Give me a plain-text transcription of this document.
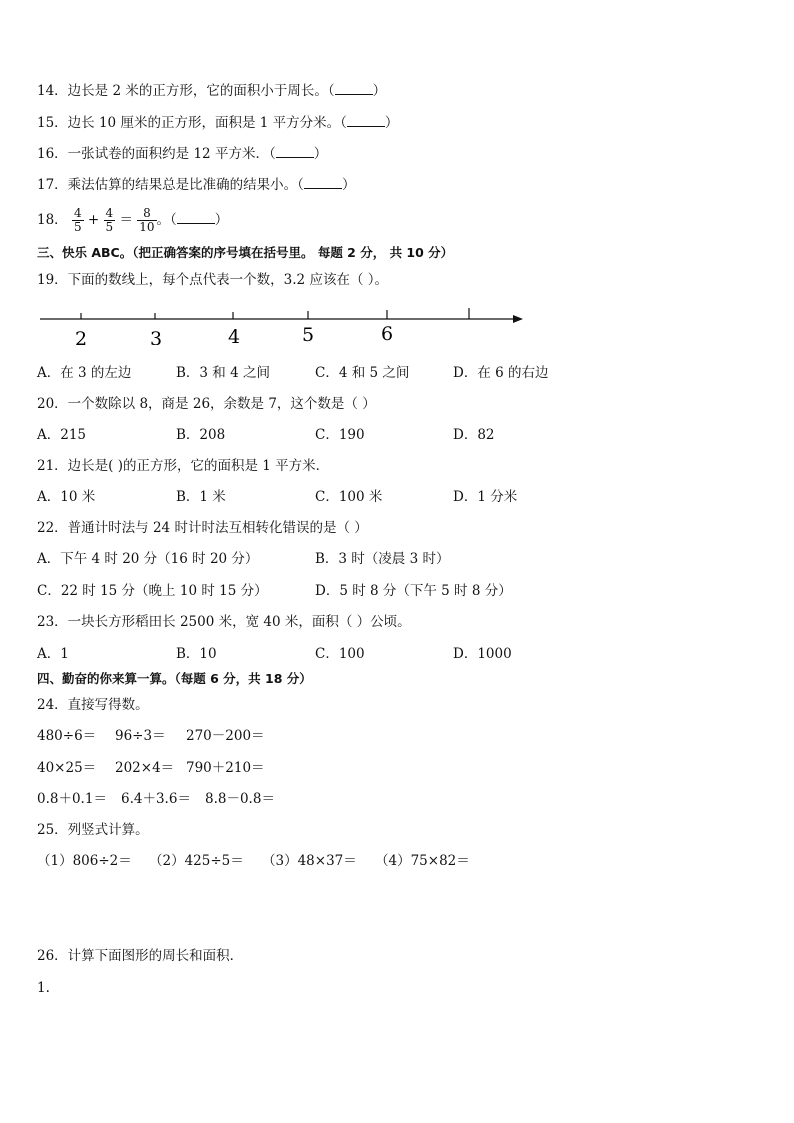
14．边长是 2 米的正方形，它的面积小于周长。（	）
15．边长 10 厘米的正方形，面积是 1 平方分米。（	）
16．一张试卷的面积约是 12 平方米．（	）
17．乘法估算的结果总是比准确的结果小。（	）
18． $\frac{4}{5} + \frac{4}{5} = \frac{8}{10}$ 。（	）
三、快乐 ABC。（把正确答案的序号填在括号里。 每题 2 分， 共 10 分）
19．下面的数线上，每个点代表一个数，3.2 应该在（ ）。
2	3	4	5	6
A．在 3 的左边	B．3 和 4 之间	C．4 和 5 之间	D．在 6 的右边
20．一个数除以 8，商是 26，余数是 7，这个数是（ ）
A．215	B．208	C．190	D．82
21．边长是( )的正方形，它的面积是 1 平方米．
A．10 米	B．1 米	C．100 米	D．1 分米
22．普通计时法与 24 时计时法互相转化错误的是（ ）
A．下午 4 时 20 分（16 时 20 分）	B．3 时（凌晨 3 时）
C．22 时 15 分（晚上 10 时 15 分）	D．5 时 8 分（下午 5 时 8 分）
23．一块长方形稻田长 2500 米，宽 40 米，面积（ ）公顷。
A．1	B．10	C．100	D．1000
四、勤奋的你来算一算。（每题 6 分，共 18 分）
24．直接写得数。
480÷6＝ 96÷3＝ 270－200＝
40×25＝ 202×4＝ 790＋210＝
0.8＋0.1＝ 6.4＋3.6＝ 8.8－0.8＝
25．列竖式计算。
（1）806÷2＝ （2）425÷5＝ （3）48×37＝ （4）75×82＝
26．计算下面图形的周长和面积．
1.
